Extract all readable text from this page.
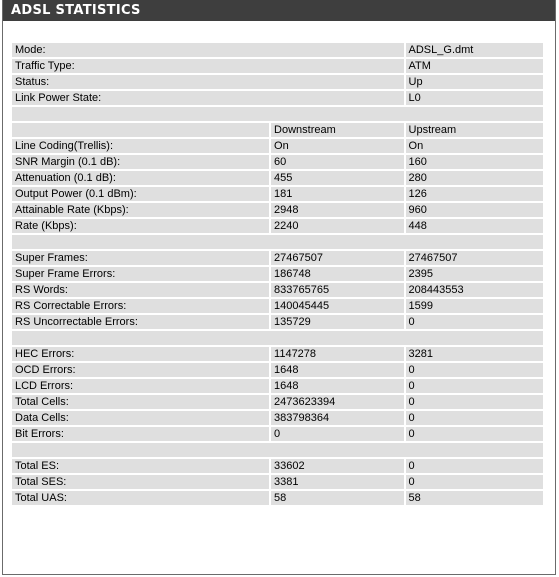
ADSL STATISTICS
Mode:		ADSL_G.dmt
Traffic Type:		ATM
Status:		Up
Link Power State:		L0

	Downstream	Upstream
Line Coding(Trellis):	On	On
SNR Margin (0.1 dB):	60	160
Attenuation (0.1 dB):	455	280
Output Power (0.1 dBm):	181	126
Attainable Rate (Kbps):	2948	960
Rate (Kbps):	2240	448

Super Frames:	27467507	27467507
Super Frame Errors:	186748	2395
RS Words:	833765765	208443553
RS Correctable Errors:	140045445	1599
RS Uncorrectable Errors:	135729	0

HEC Errors:	1147278	3281
OCD Errors:	1648	0
LCD Errors:	1648	0
Total Cells:	2473623394	0
Data Cells:	383798364	0
Bit Errors:	0	0

Total ES:	33602	0
Total SES:	3381	0
Total UAS:	58	58
